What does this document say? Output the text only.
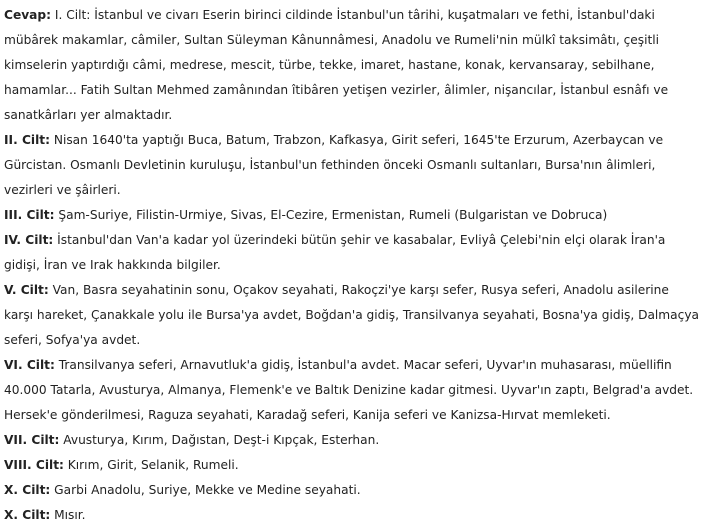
Cevap: I. Cilt: İstanbul ve civarı Eserin birinci cildinde İstanbul'un târihi, kuşatmaları ve fethi, İstanbul'daki mübârek makamlar, câmiler, Sultan Süleyman Kânunnâmesi, Anadolu ve Rumeli'nin mülkî taksimâtı, çeşitli kimselerin yaptırdığı câmi, medrese, mescit, türbe, tekke, imaret, hastane, konak, kervansaray, sebilhane, hamamlar... Fatih Sultan Mehmed zamânından îtibâren yetişen vezirler, âlimler, nişancılar, İstanbul esnâfı ve sanatkârları yer almaktadır.

II. Cilt: Nisan 1640'ta yaptığı Buca, Batum, Trabzon, Kafkasya, Girit seferi, 1645'te Erzurum, Azerbaycan ve Gürcistan. Osmanlı Devletinin kuruluşu, İstanbul'un fethinden önceki Osmanlı sultanları, Bursa'nın âlimleri, vezirleri ve şâirleri.

III. Cilt: Şam-Suriye, Filistin-Urmiye, Sivas, El-Cezire, Ermenistan, Rumeli (Bulgaristan ve Dobruca)

IV. Cilt: İstanbul'dan Van'a kadar yol üzerindeki bütün şehir ve kasabalar, Evliyâ Çelebi'nin elçi olarak İran'a gidişi, İran ve Irak hakkında bilgiler.

V. Cilt: Van, Basra seyahatinin sonu, Oçakov seyahati, Rakoçzi'ye karşı sefer, Rusya seferi, Anadolu asilerine karşı hareket, Çanakkale yolu ile Bursa'ya avdet, Boğdan'a gidiş, Transilvanya seyahati, Bosna'ya gidiş, Dalmaçya seferi, Sofya'ya avdet.

VI. Cilt: Transilvanya seferi, Arnavutluk'a gidiş, İstanbul'a avdet. Macar seferi, Uyvar'ın muhasarası, müellifin 40.000 Tatarla, Avusturya, Almanya, Flemenk'e ve Baltık Denizine kadar gitmesi. Uyvar'ın zaptı, Belgrad'a avdet. Hersek'e gönderilmesi, Raguza seyahati, Karadağ seferi, Kanija seferi ve Kanizsa-Hırvat memleketi.

VII. Cilt: Avusturya, Kırım, Dağıstan, Deşt-i Kıpçak, Esterhan.

VIII. Cilt: Kırım, Girit, Selanik, Rumeli.

X. Cilt: Garbi Anadolu, Suriye, Mekke ve Medine seyahati.

X. Cilt: Mısır.
